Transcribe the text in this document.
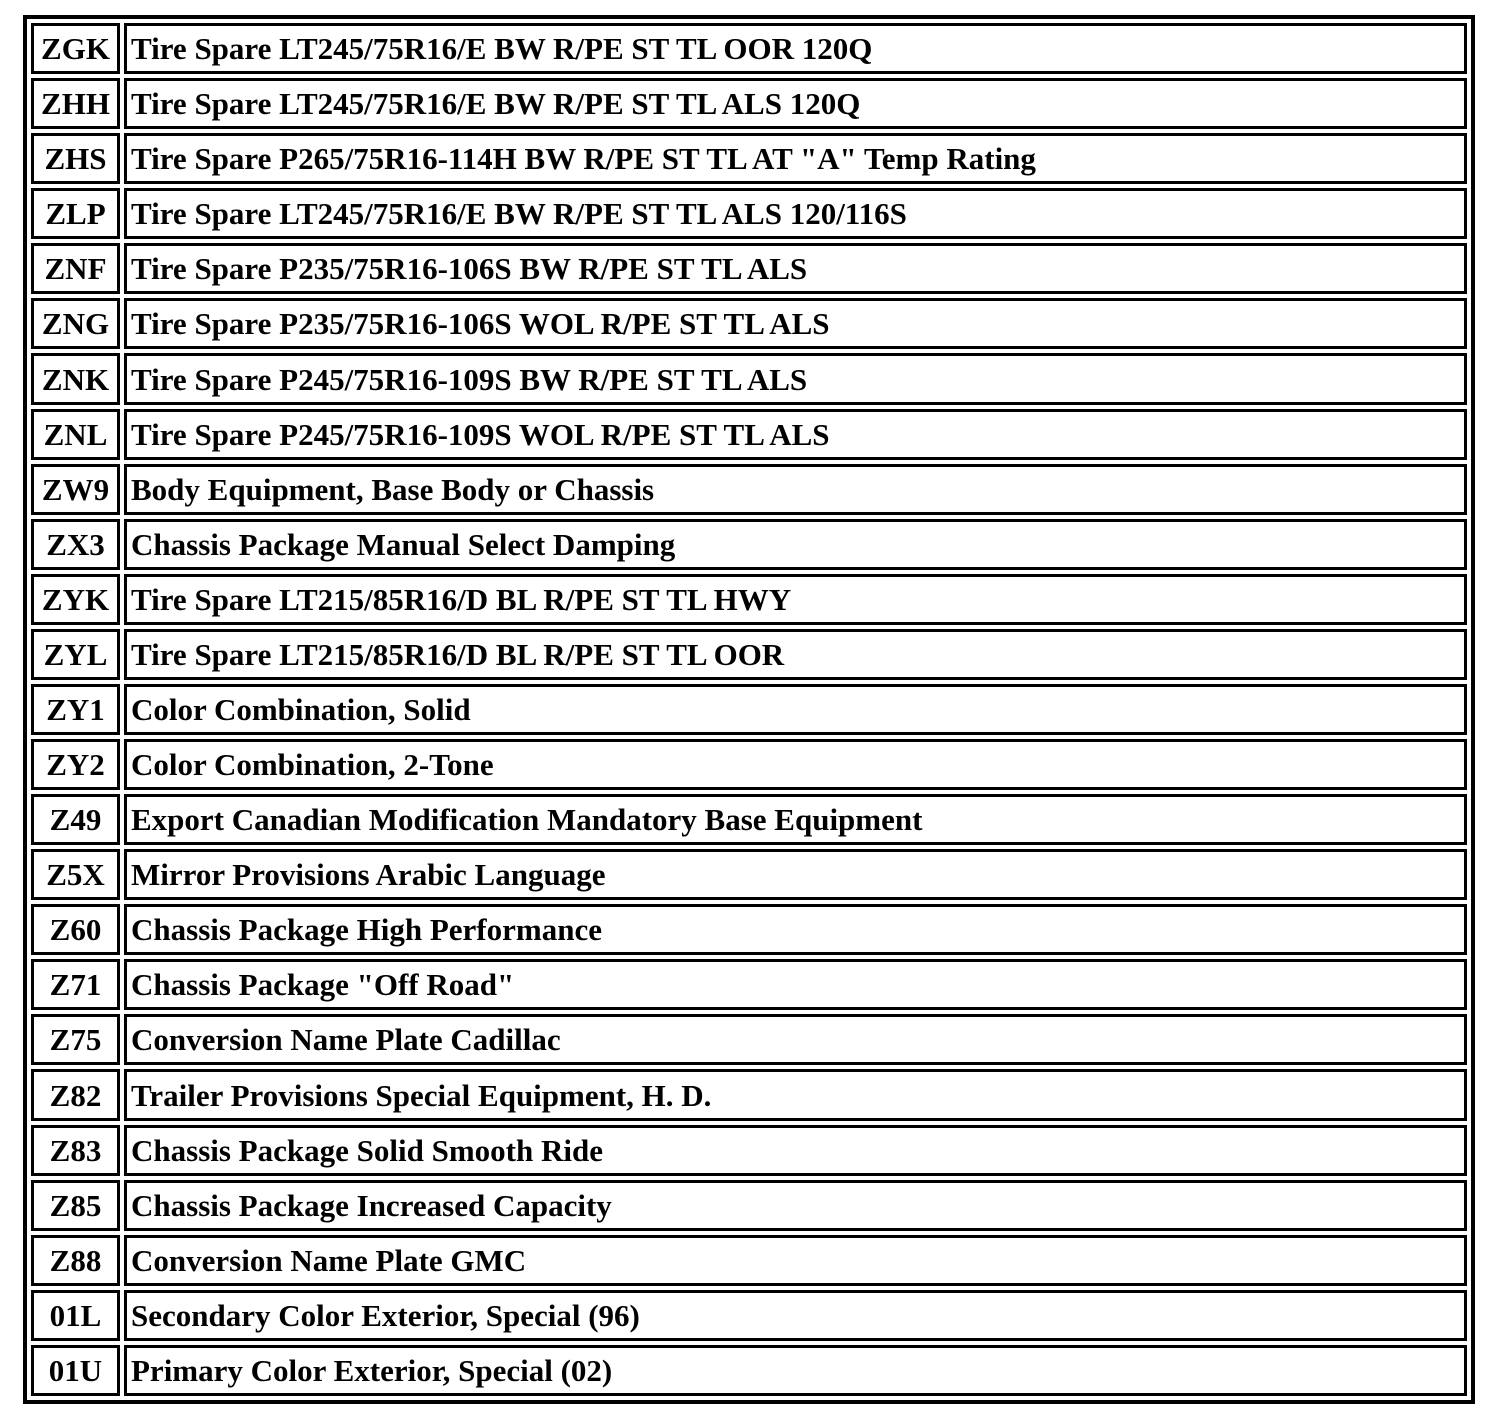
ZGK	Tire Spare LT245/75R16/E BW R/PE ST TL OOR 120Q
ZHH	Tire Spare LT245/75R16/E BW R/PE ST TL ALS 120Q
ZHS	Tire Spare P265/75R16-114H BW R/PE ST TL AT "A" Temp Rating
ZLP	Tire Spare LT245/75R16/E BW R/PE ST TL ALS 120/116S
ZNF	Tire Spare P235/75R16-106S BW R/PE ST TL ALS
ZNG	Tire Spare P235/75R16-106S WOL R/PE ST TL ALS
ZNK	Tire Spare P245/75R16-109S BW R/PE ST TL ALS
ZNL	Tire Spare P245/75R16-109S WOL R/PE ST TL ALS
ZW9	Body Equipment, Base Body or Chassis
ZX3	Chassis Package Manual Select Damping
ZYK	Tire Spare LT215/85R16/D BL R/PE ST TL HWY
ZYL	Tire Spare LT215/85R16/D BL R/PE ST TL OOR
ZY1	Color Combination, Solid
ZY2	Color Combination, 2-Tone
Z49	Export Canadian Modification Mandatory Base Equipment
Z5X	Mirror Provisions Arabic Language
Z60	Chassis Package High Performance
Z71	Chassis Package "Off Road"
Z75	Conversion Name Plate Cadillac
Z82	Trailer Provisions Special Equipment, H. D.
Z83	Chassis Package Solid Smooth Ride
Z85	Chassis Package Increased Capacity
Z88	Conversion Name Plate GMC
01L	Secondary Color Exterior, Special (96)
01U	Primary Color Exterior, Special (02)
